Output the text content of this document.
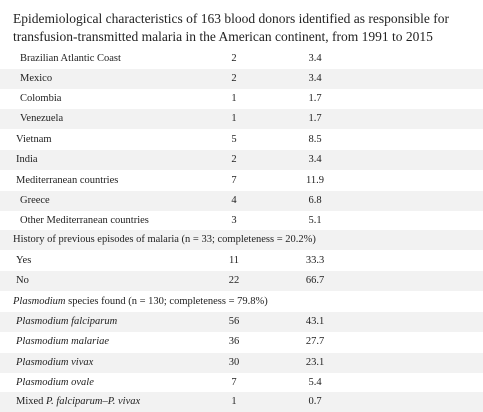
Epidemiological characteristics of 163 blood donors identified as responsible for transfusion-transmitted malaria in the American continent, from 1991 to 2015
Brazilian Atlantic Coast	2	3.4
Mexico	2	3.4
Colombia	1	1.7
Venezuela	1	1.7
Vietnam	5	8.5
India	2	3.4
Mediterranean countries	7	11.9
Greece	4	6.8
Other Mediterranean countries	3	5.1
History of previous episodes of malaria (n = 33; completeness = 20.2%)
Yes	11	33.3
No	22	66.7
Plasmodium species found (n = 130; completeness = 79.8%)
Plasmodium falciparum	56	43.1
Plasmodium malariae	36	27.7
Plasmodium vivax	30	23.1
Plasmodium ovale	7	5.4
Mixed P. falciparum–P. vivax	1	0.7
